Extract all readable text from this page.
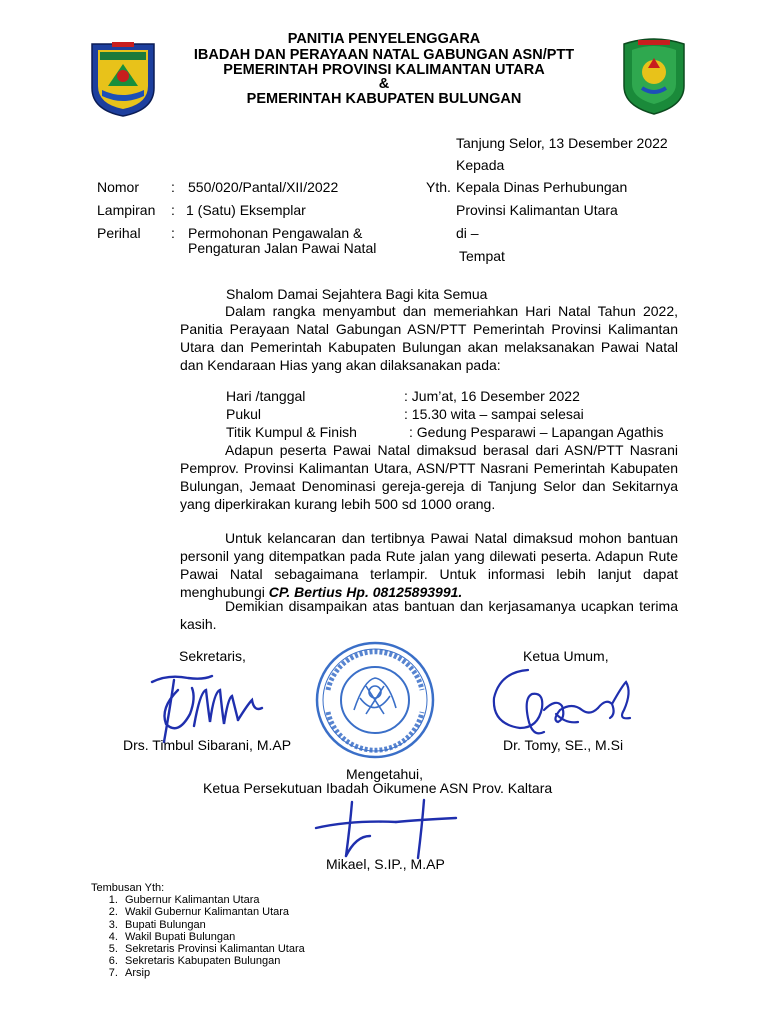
PANITIA PENYELENGGARA
IBADAH DAN PERAYAAN NATAL GABUNGAN ASN/PTT
PEMERINTAH PROVINSI KALIMANTAN UTARA
&
PEMERINTAH KABUPATEN BULUNGAN
Tanjung Selor, 13 Desember 2022
Kepada
Yth. Kepala Dinas Perhubungan
Provinsi Kalimantan Utara
di –
Tempat
Nomor : 550/020/Pantal/XII/2022
Lampiran : 1 (Satu) Eksemplar
Perihal : Permohonan Pengawalan &
Pengaturan Jalan Pawai Natal
Shalom Damai Sejahtera Bagi kita Semua
Dalam rangka menyambut dan memeriahkan Hari Natal Tahun 2022, Panitia Perayaan Natal Gabungan ASN/PTT Pemerintah Provinsi Kalimantan Utara dan Pemerintah Kabupaten Bulungan akan melaksanakan Pawai Natal dan Kendaraan Hias yang akan dilaksanakan pada:
Hari /tanggal	: Jum’at, 16 Desember 2022
Pukul	: 15.30 wita – sampai selesai
Titik Kumpul & Finish	: Gedung Pesparawi – Lapangan Agathis
Adapun peserta Pawai Natal dimaksud berasal dari ASN/PTT Nasrani Pemprov. Provinsi Kalimantan Utara, ASN/PTT Nasrani Pemerintah Kabupaten Bulungan, Jemaat Denominasi gereja-gereja di Tanjung Selor dan Sekitarnya yang diperkirakan kurang lebih 500 sd 1000 orang.
Untuk kelancaran dan tertibnya Pawai Natal dimaksud mohon bantuan personil yang ditempatkan pada Rute jalan yang dilewati peserta. Adapun Rute Pawai Natal sebagaimana terlampir. Untuk informasi lebih lanjut dapat menghubungi CP. Bertius Hp. 08125893991.
Demikian disampaikan atas bantuan dan kerjasamanya ucapkan terima kasih.
Sekretaris,	Ketua Umum,
Drs. Timbul Sibarani, M.AP	Dr. Tomy, SE., M.Si
Mengetahui,
Ketua Persekutuan Ibadah Oikumene ASN Prov. Kaltara
Mikael, S.IP., M.AP
Tembusan Yth:
1. Gubernur Kalimantan Utara
2. Wakil Gubernur Kalimantan Utara
3. Bupati Bulungan
4. Wakil Bupati Bulungan
5. Sekretaris Provinsi Kalimantan Utara
6. Sekretaris Kabupaten Bulungan
7. Arsip
